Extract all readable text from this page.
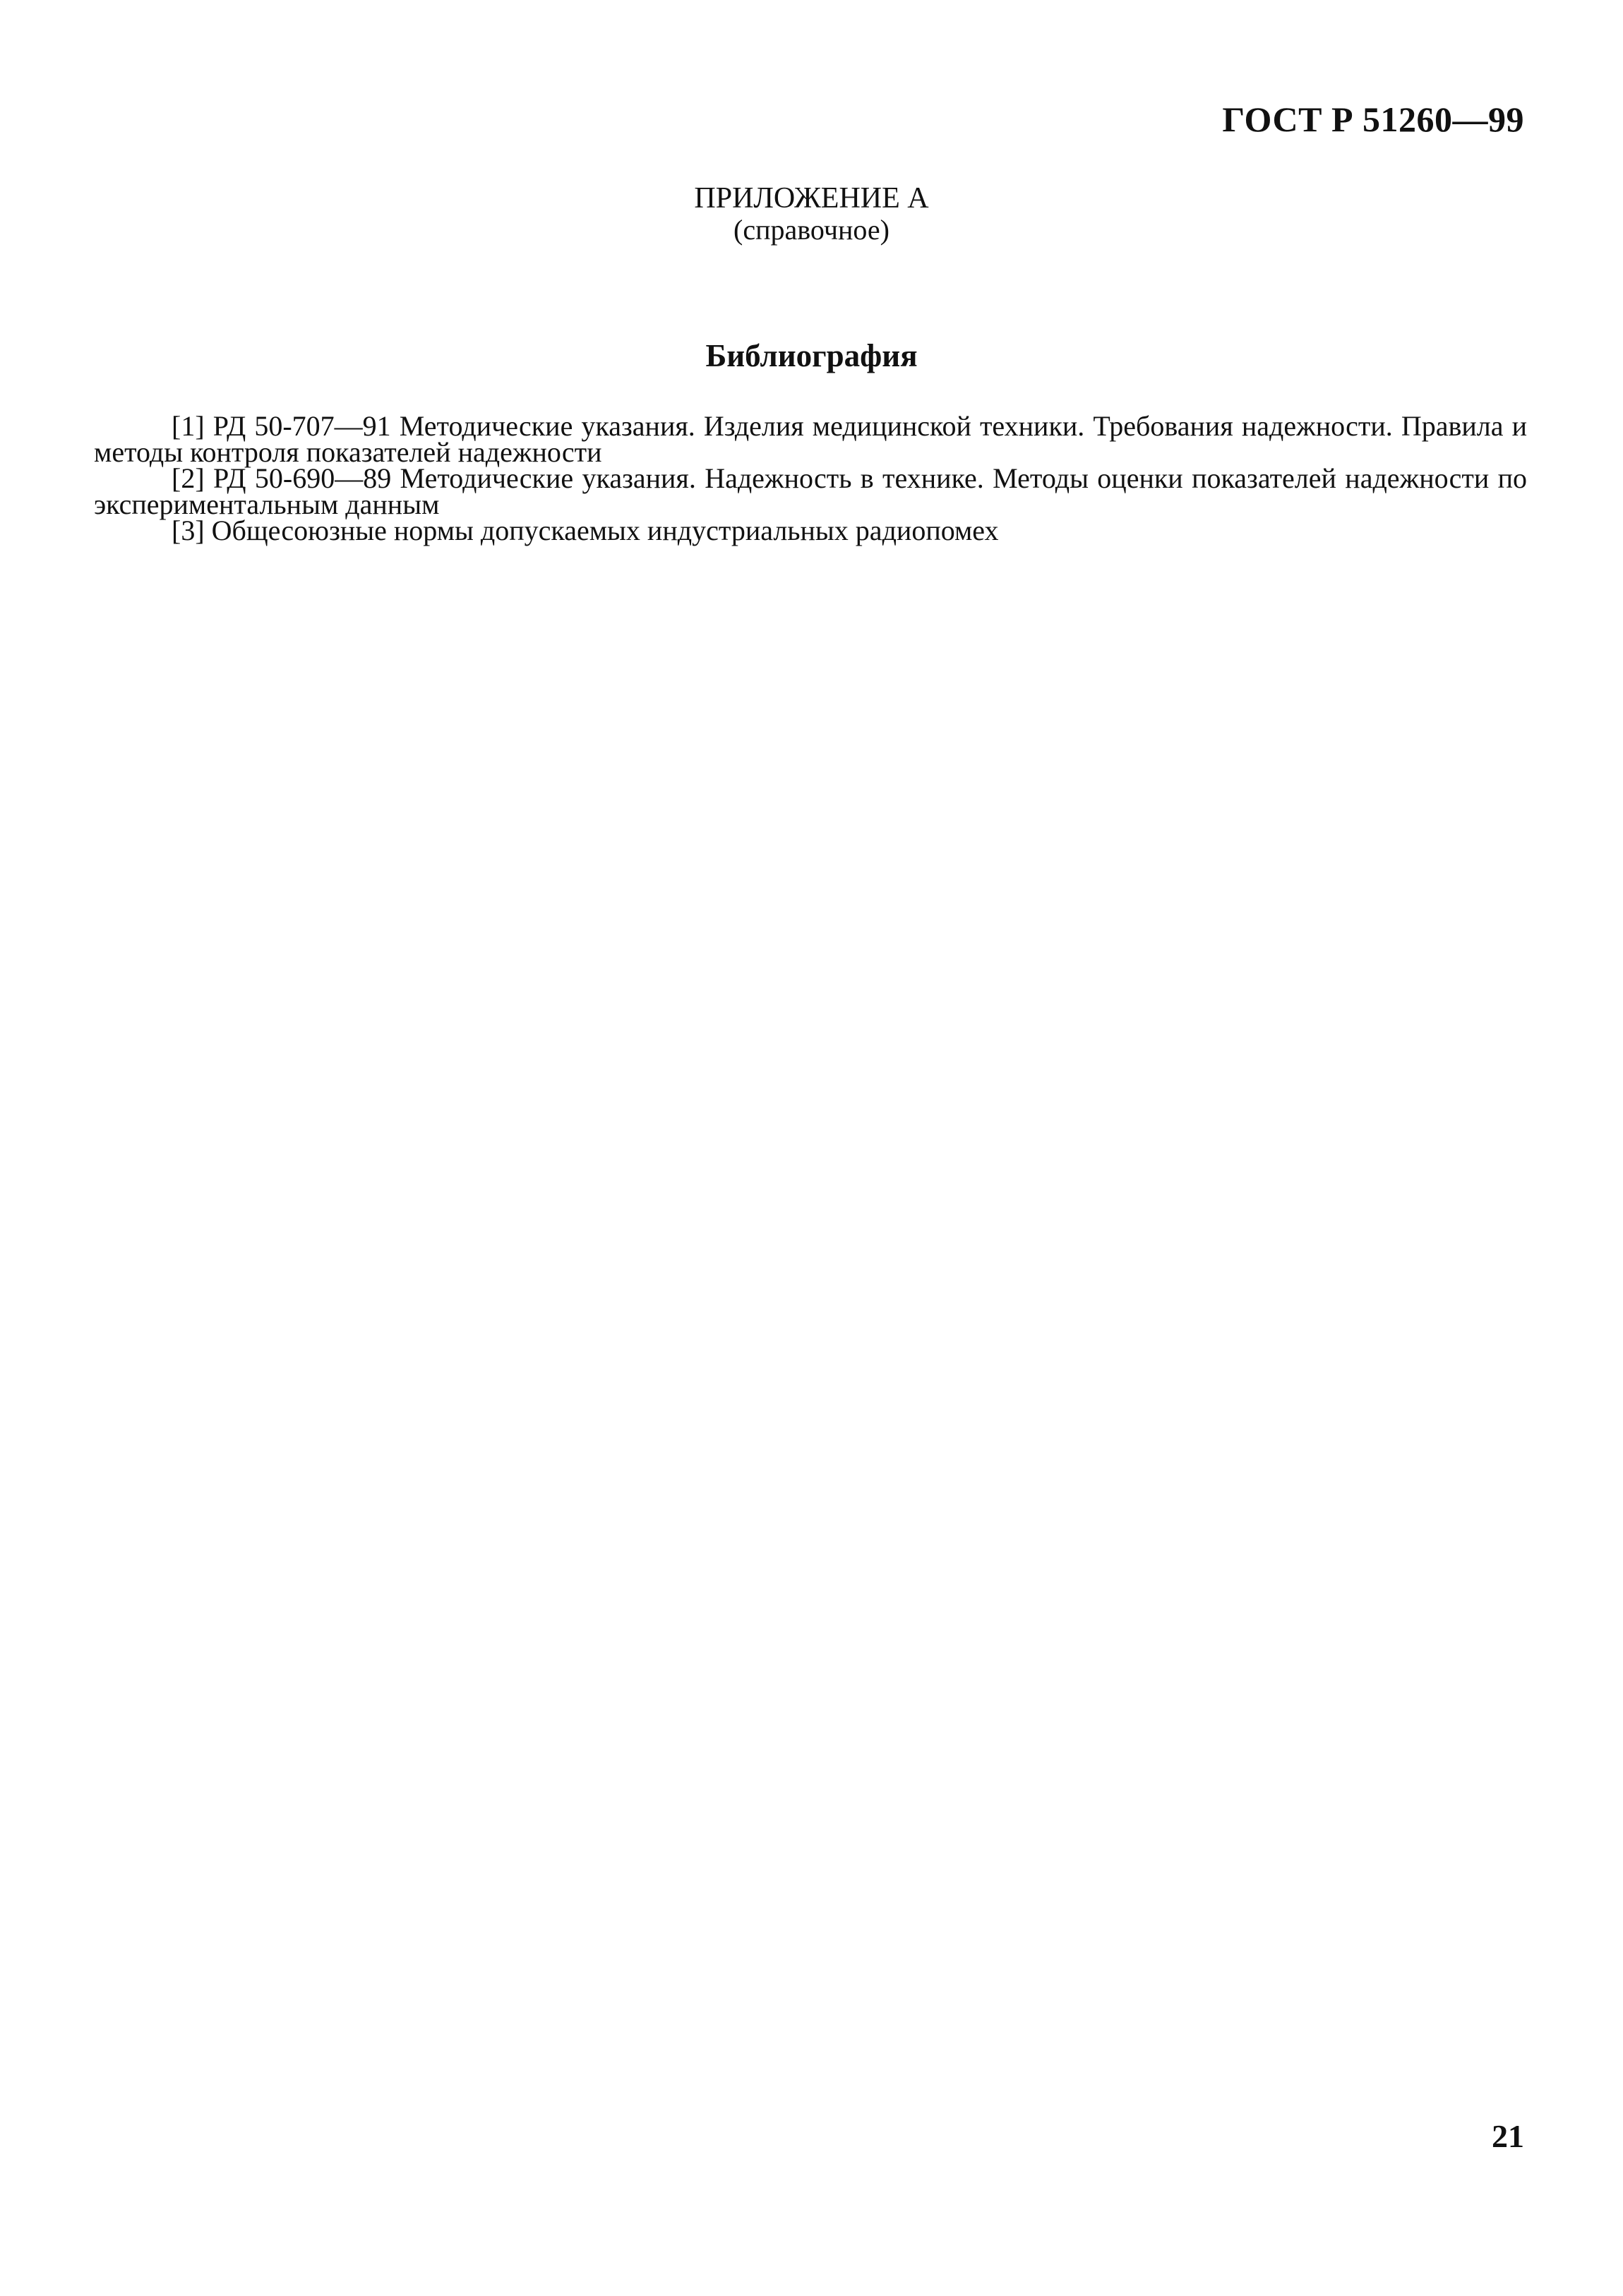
ГОСТ Р 51260—99
ПРИЛОЖЕНИЕ А
(справочное)
Библиография

[1] РД 50-707—91 Методические указания. Изделия медицинской техники. Требования надежности. Правила и методы контроля показателей надежности

[2] РД 50-690—89 Методические указания. Надежность в технике. Методы оценки показателей надежности по экспериментальным данным

[3] Общесоюзные нормы допускаемых индустриальных радиопомех

21
